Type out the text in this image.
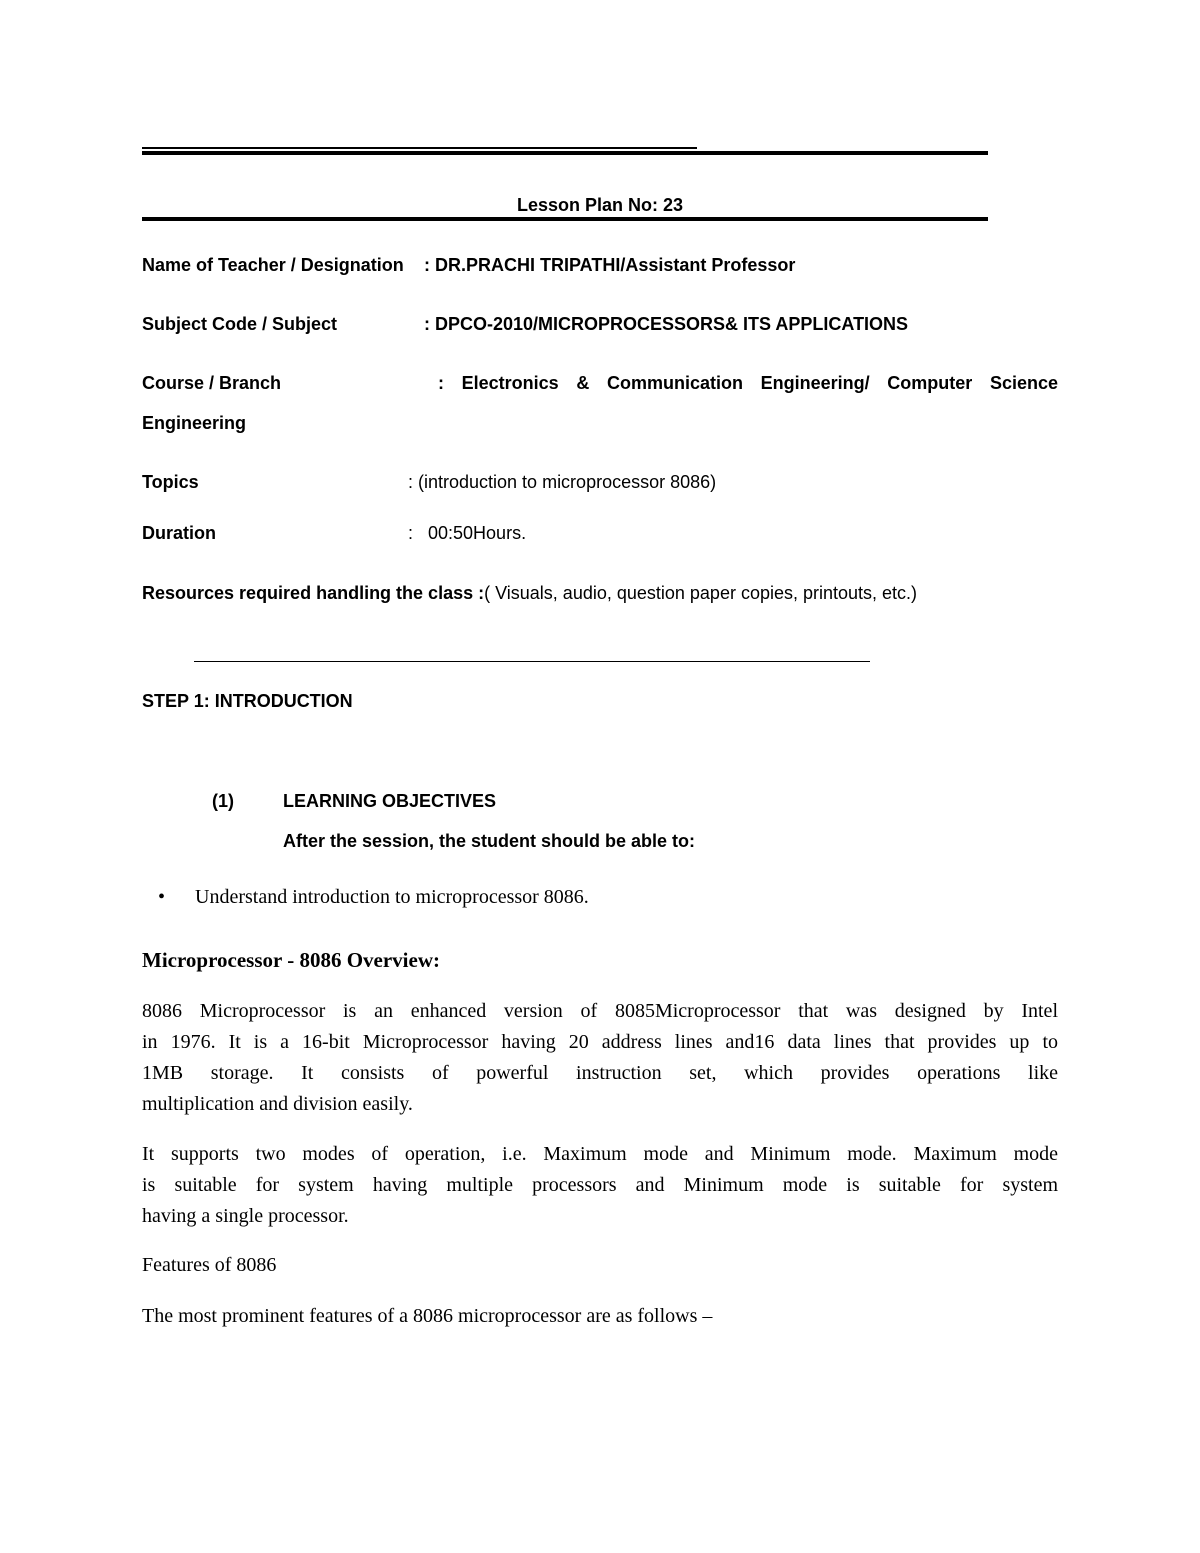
Lesson Plan No: 23
Name of Teacher / Designation : DR.PRACHI TRIPATHI/Assistant Professor
Subject Code / Subject	: DPCO-2010/MICROPROCESSORS& ITS APPLICATIONS
Course / Branch	: Electronics & Communication Engineering/ Computer Science
Engineering
Topics	: (introduction to microprocessor 8086)
Duration	:   00:50Hours.
Resources required handling the class :( Visuals, audio, question paper copies, printouts, etc.)
STEP 1: INTRODUCTION
(1)	LEARNING OBJECTIVES
After the session, the student should be able to:
• Understand introduction to microprocessor 8086.
Microprocessor - 8086 Overview:
8086 Microprocessor is an enhanced version of 8085Microprocessor that was designed by Intel
in 1976. It is a 16-bit Microprocessor having 20 address lines and16 data lines that provides up to
1MB storage. It consists of powerful instruction set, which provides operations like
multiplication and division easily.
It supports two modes of operation, i.e. Maximum mode and Minimum mode. Maximum mode
is suitable for system having multiple processors and Minimum mode is suitable for system
having a single processor.
Features of 8086
The most prominent features of a 8086 microprocessor are as follows –
